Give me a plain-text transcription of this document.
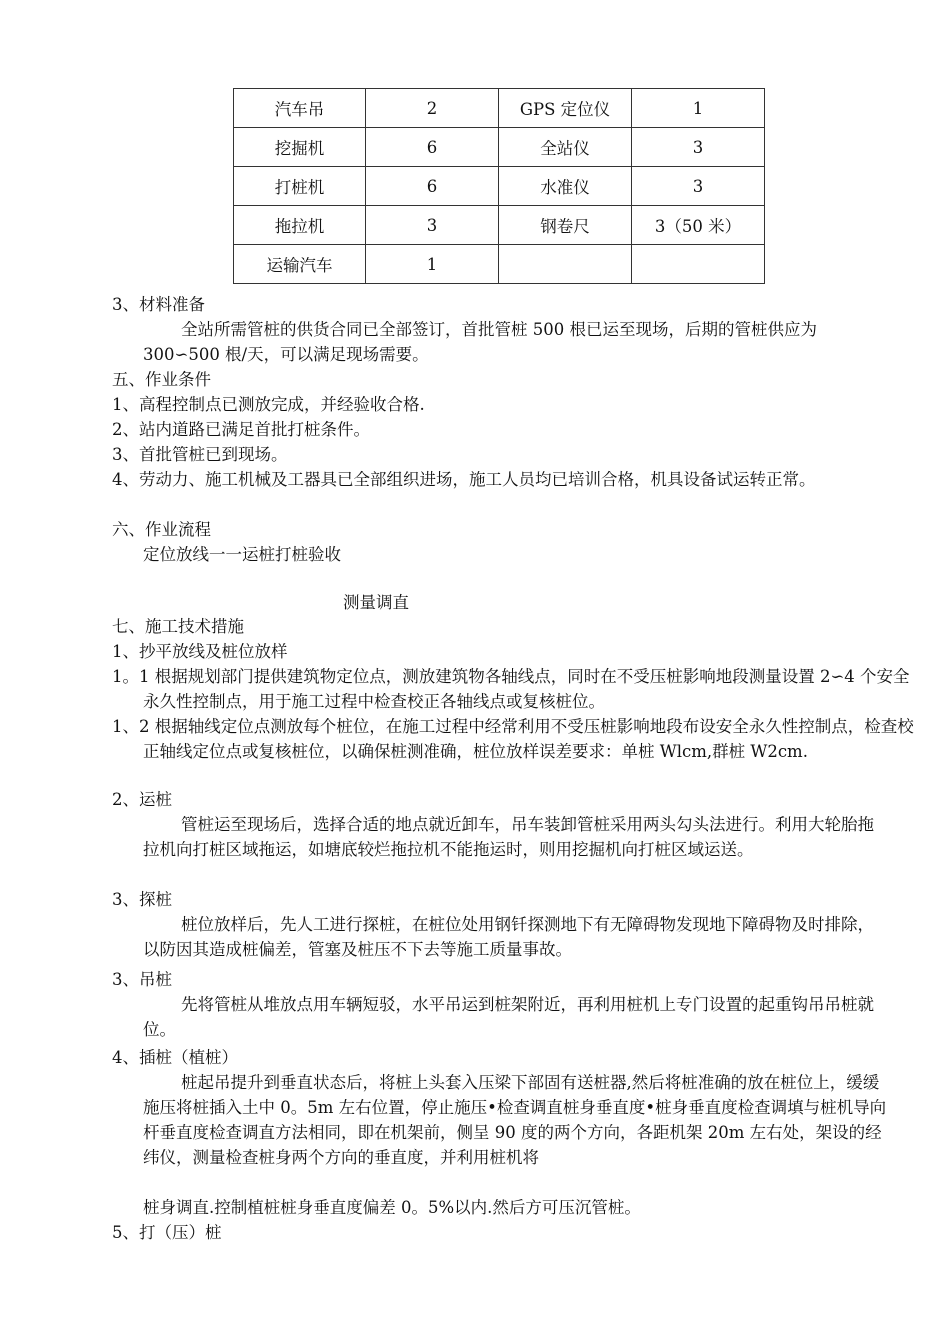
汽车吊	2	GPS 定位仪	1
挖掘机	6	全站仪	3
打桩机	6	水准仪	3
拖拉机	3	钢卷尺	3（50 米）
运输汽车	1		

3、材料准备

全站所需管桩的供货合同已全部签订，首批管桩 500 根已运至现场，后期的管桩供应为 300∽500 根/天，可以满足现场需要。

五、作业条件

1、高程控制点已测放完成，并经验收合格.

2、站内道路已满足首批打桩条件。

3、首批管桩已到现场。

4、劳动力、施工机械及工器具已全部组织进场，施工人员均已培训合格，机具设备试运转正常。

六、作业流程

定位放线一一运桩打桩验收

测量调直

七、施工技术措施

1、抄平放线及桩位放样

1。1 根据规划部门提供建筑物定位点，测放建筑物各轴线点，同时在不受压桩影响地段测量设置 2∽4 个安全永久性控制点，用于施工过程中检查校正各轴线点或复核桩位。

1、2 根据轴线定位点测放每个桩位，在施工过程中经常利用不受压桩影响地段布设安全永久性控制点，检查校正轴线定位点或复核桩位，以确保桩测准确，桩位放样误差要求：单桩 Wlcm,群桩 W2cm.

2、运桩

管桩运至现场后，选择合适的地点就近卸车，吊车装卸管桩采用两头勾头法进行。利用大轮胎拖拉机向打桩区域拖运，如塘底较烂拖拉机不能拖运时，则用挖掘机向打桩区域运送。

3、探桩

桩位放样后，先人工进行探桩，在桩位处用钢钎探测地下有无障碍物发现地下障碍物及时排除，以防因其造成桩偏差，管塞及桩压不下去等施工质量事故。

3、吊桩

先将管桩从堆放点用车辆短驳，水平吊运到桩架附近，再利用桩机上专门设置的起重钩吊吊桩就位。

4、插桩（植桩）

桩起吊提升到垂直状态后，将桩上头套入压梁下部固有送桩器,然后将桩准确的放在桩位上，缓缓施压将桩插入土中 0。5m 左右位置，停止施压•检查调直桩身垂直度•桩身垂直度检查调填与桩机导向杆垂直度检查调直方法相同，即在机架前，侧呈 90 度的两个方向，各距机架 20m 左右处，架设的经纬仪，测量检查桩身两个方向的垂直度，并利用桩机将

桩身调直.控制植桩桩身垂直度偏差 0。5%以内.然后方可压沉管桩。

5、打（压）桩
